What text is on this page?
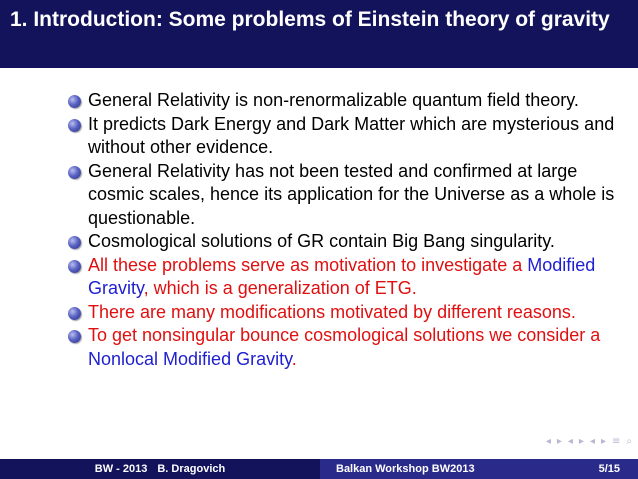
1. Introduction: Some problems of Einstein theory of gravity
General Relativity is non-renormalizable quantum field theory.
It predicts Dark Energy and Dark Matter which are mysterious and without other evidence.
General Relativity has not been tested and confirmed at large cosmic scales, hence its application for the Universe as a whole is questionable.
Cosmological solutions of GR contain Big Bang singularity.
All these problems serve as motivation to investigate a Modified Gravity, which is a generalization of ETG.
There are many modifications motivated by different reasons.
To get nonsingular bounce cosmological solutions we consider a Nonlocal Modified Gravity.
◂ ▸ ◂ ▸ ◂ ▸ ≡ ⌕
BW - 2013 B. Dragovich	Balkan Workshop BW2013	5/15
